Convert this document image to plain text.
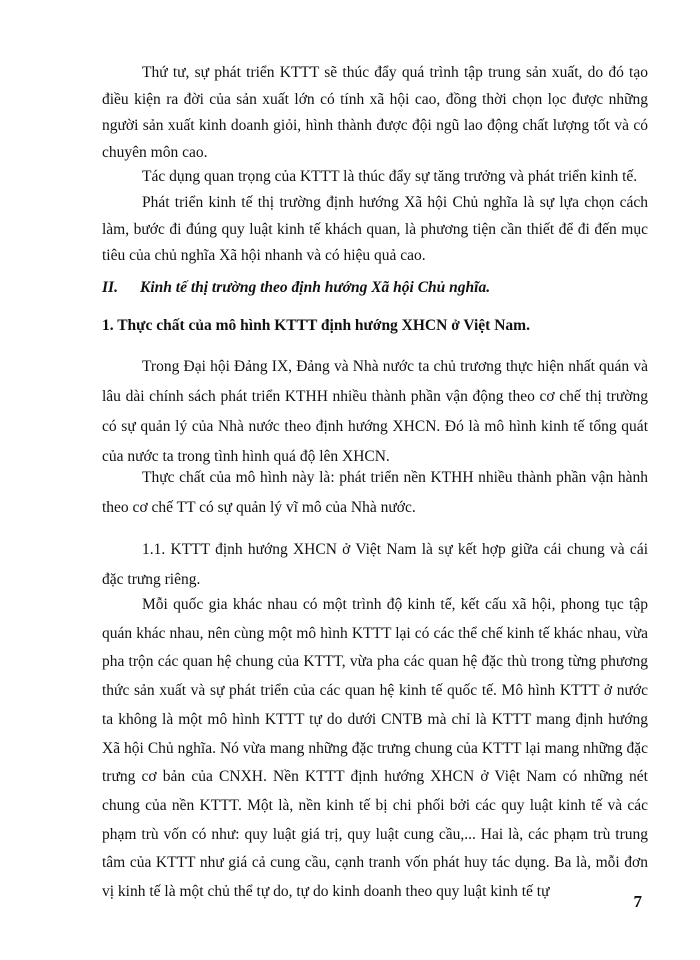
Thứ tư, sự phát triển KTTT sẽ thúc đẩy quá trình tập trung sản xuất, do đó tạo điều kiện ra đời của sản xuất lớn có tính xã hội cao, đồng thời chọn lọc được những người sản xuất kinh doanh giỏi, hình thành được đội ngũ lao động chất lượng tốt và có chuyên môn cao.

Tác dụng quan trọng của KTTT là thúc đẩy sự tăng trưởng và phát triển kinh tế.

Phát triển kinh tế thị trường định hướng Xã hội Chủ nghĩa là sự lựa chọn cách làm, bước đi đúng quy luật kinh tế khách quan, là phương tiện cần thiết để đi đến mục tiêu của chủ nghĩa Xã hội nhanh và có hiệu quả cao.

II. Kinh tế thị trường theo định hướng Xã hội Chủ nghĩa.

1. Thực chất của mô hình KTTT định hướng XHCN ở Việt Nam.

Trong Đại hội Đảng IX, Đảng và Nhà nước ta chủ trương thực hiện nhất quán và lâu dài chính sách phát triển KTHH nhiều thành phần vận động theo cơ chế thị trường có sự quản lý của Nhà nước theo định hướng XHCN. Đó là mô hình kinh tế tổng quát của nước ta trong tình hình quá độ lên XHCN.

Thực chất của mô hình này là: phát triển nền KTHH nhiều thành phần vận hành theo cơ chế TT có sự quản lý vĩ mô của Nhà nước.

1.1. KTTT định hướng XHCN ở Việt Nam là sự kết hợp giữa cái chung và cái đặc trưng riêng.

Mỗi quốc gia khác nhau có một trình độ kinh tế, kết cấu xã hội, phong tục tập quán khác nhau, nên cùng một mô hình KTTT lại có các thể chế kinh tế khác nhau, vừa pha trộn các quan hệ chung của KTTT, vừa pha các quan hệ đặc thù trong từng phương thức sản xuất và sự phát triển của các quan hệ kinh tế quốc tế. Mô hình KTTT ở nước ta không là một mô hình KTTT tự do dưới CNTB mà chỉ là KTTT mang định hướng Xã hội Chủ nghĩa. Nó vừa mang những đặc trưng chung của KTTT lại mang những đặc trưng cơ bản của CNXH. Nền KTTT định hướng XHCN ở Việt Nam có những nét chung của nền KTTT. Một là, nền kinh tế bị chi phối bởi các quy luật kinh tế và các phạm trù vốn có như: quy luật giá trị, quy luật cung cầu,... Hai là, các phạm trù trung tâm của KTTT như giá cả cung cầu, cạnh tranh vốn phát huy tác dụng. Ba là, mỗi đơn vị kinh tế là một chủ thể tự do, tự do kinh doanh theo quy luật kinh tế tự

7
